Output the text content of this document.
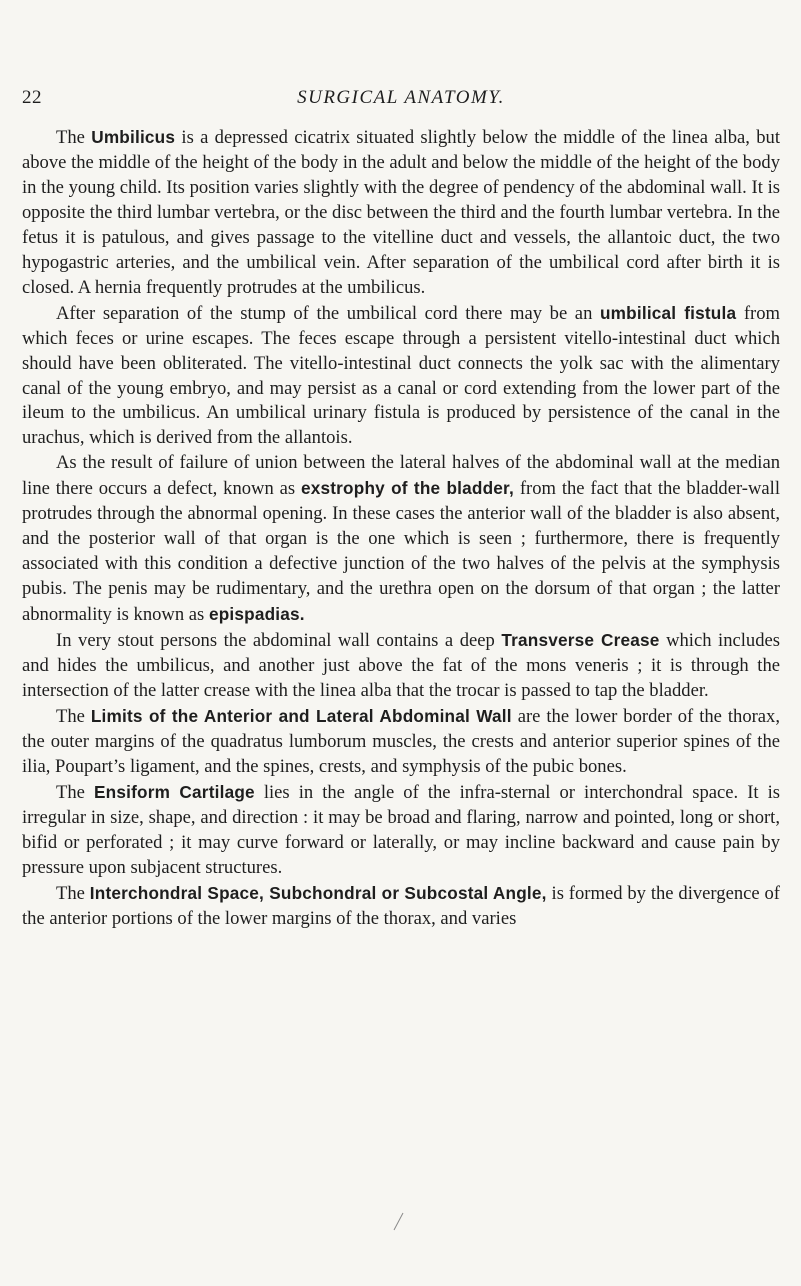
22	SURGICAL ANATOMY.

The Umbilicus is a depressed cicatrix situated slightly below the middle of the linea alba, but above the middle of the height of the body in the adult and below the middle of the height of the body in the young child. Its position varies slightly with the degree of pendency of the abdominal wall. It is opposite the third lumbar vertebra, or the disc between the third and the fourth lumbar vertebra. In the fetus it is patulous, and gives passage to the vitelline duct and vessels, the allantoic duct, the two hypogastric arteries, and the umbilical vein. After separation of the umbilical cord after birth it is closed. A hernia frequently protrudes at the umbilicus.

After separation of the stump of the umbilical cord there may be an umbilical fistula from which feces or urine escapes. The feces escape through a persistent vitello-intestinal duct which should have been obliterated. The vitello-intestinal duct connects the yolk sac with the alimentary canal of the young embryo, and may persist as a canal or cord extending from the lower part of the ileum to the umbilicus. An umbilical urinary fistula is produced by persistence of the canal in the urachus, which is derived from the allantois.

As the result of failure of union between the lateral halves of the abdominal wall at the median line there occurs a defect, known as exstrophy of the bladder, from the fact that the bladder-wall protrudes through the abnormal opening. In these cases the anterior wall of the bladder is also absent, and the posterior wall of that organ is the one which is seen ; furthermore, there is frequently associated with this condition a defective junction of the two halves of the pelvis at the symphysis pubis. The penis may be rudimentary, and the urethra open on the dorsum of that organ ; the latter abnormality is known as epispadias.

In very stout persons the abdominal wall contains a deep Transverse Crease which includes and hides the umbilicus, and another just above the fat of the mons veneris ; it is through the intersection of the latter crease with the linea alba that the trocar is passed to tap the bladder.

The Limits of the Anterior and Lateral Abdominal Wall are the lower border of the thorax, the outer margins of the quadratus lumborum muscles, the crests and anterior superior spines of the ilia, Poupart’s ligament, and the spines, crests, and symphysis of the pubic bones.

The Ensiform Cartilage lies in the angle of the infra-sternal or interchondral space. It is irregular in size, shape, and direction : it may be broad and flaring, narrow and pointed, long or short, bifid or perforated ; it may curve forward or laterally, or may incline backward and cause pain by pressure upon subjacent structures.

The Interchondral Space, Subchondral or Subcostal Angle, is formed by the divergence of the anterior portions of the lower margins of the thorax, and varies
